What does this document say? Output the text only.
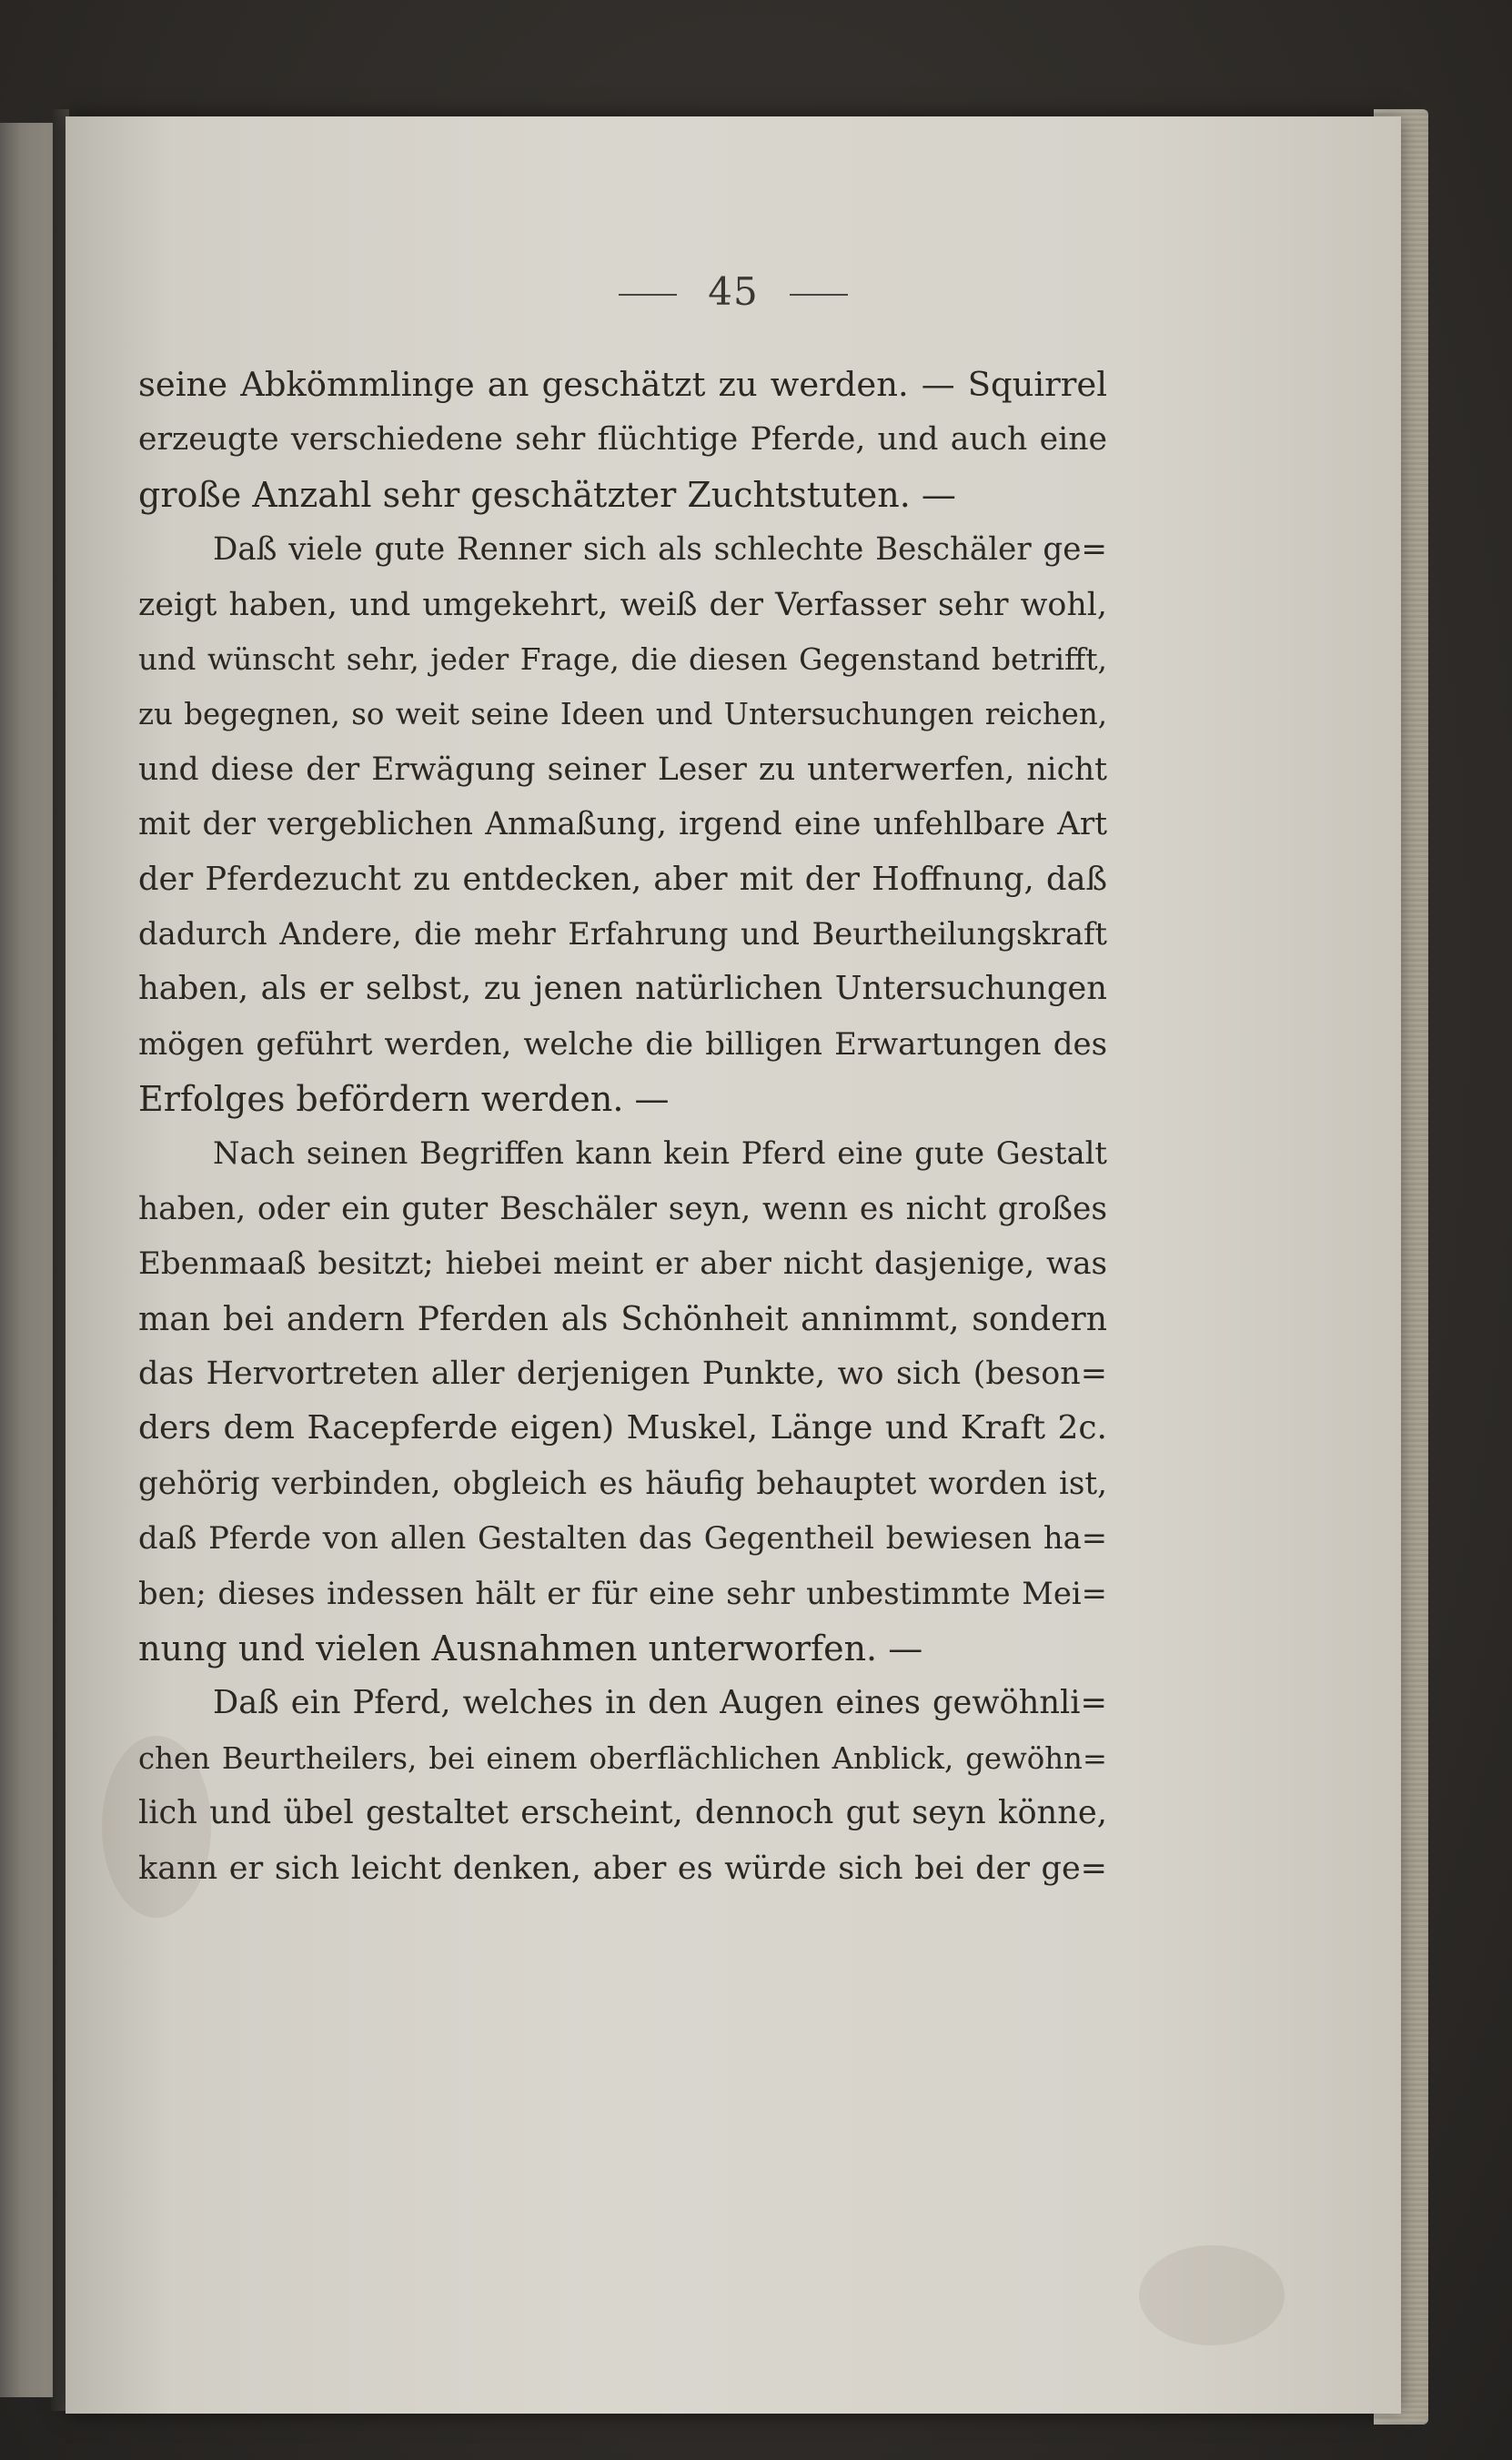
45
seine Abkömmlinge an geschätzt zu werden. — Squirrel
erzeugte verschiedene sehr flüchtige Pferde, und auch eine
große Anzahl sehr geschätzter Zuchtstuten. —
Daß viele gute Renner sich als schlechte Beschäler ge=
zeigt haben, und umgekehrt, weiß der Verfasser sehr wohl,
und wünscht sehr, jeder Frage, die diesen Gegenstand betrifft,
zu begegnen, so weit seine Ideen und Untersuchungen reichen,
und diese der Erwägung seiner Leser zu unterwerfen, nicht
mit der vergeblichen Anmaßung, irgend eine unfehlbare Art
der Pferdezucht zu entdecken, aber mit der Hoffnung, daß
dadurch Andere, die mehr Erfahrung und Beurtheilungskraft
haben, als er selbst, zu jenen natürlichen Untersuchungen
mögen geführt werden, welche die billigen Erwartungen des
Erfolges befördern werden. —
Nach seinen Begriffen kann kein Pferd eine gute Gestalt
haben, oder ein guter Beschäler seyn, wenn es nicht großes
Ebenmaaß besitzt; hiebei meint er aber nicht dasjenige, was
man bei andern Pferden als Schönheit annimmt, sondern
das Hervortreten aller derjenigen Punkte, wo sich (beson=
ders dem Racepferde eigen) Muskel, Länge und Kraft 2c.
gehörig verbinden, obgleich es häufig behauptet worden ist,
daß Pferde von allen Gestalten das Gegentheil bewiesen ha=
ben; dieses indessen hält er für eine sehr unbestimmte Mei=
nung und vielen Ausnahmen unterworfen. —
Daß ein Pferd, welches in den Augen eines gewöhnli=
chen Beurtheilers, bei einem oberflächlichen Anblick, gewöhn=
lich und übel gestaltet erscheint, dennoch gut seyn könne,
kann er sich leicht denken, aber es würde sich bei der ge=
